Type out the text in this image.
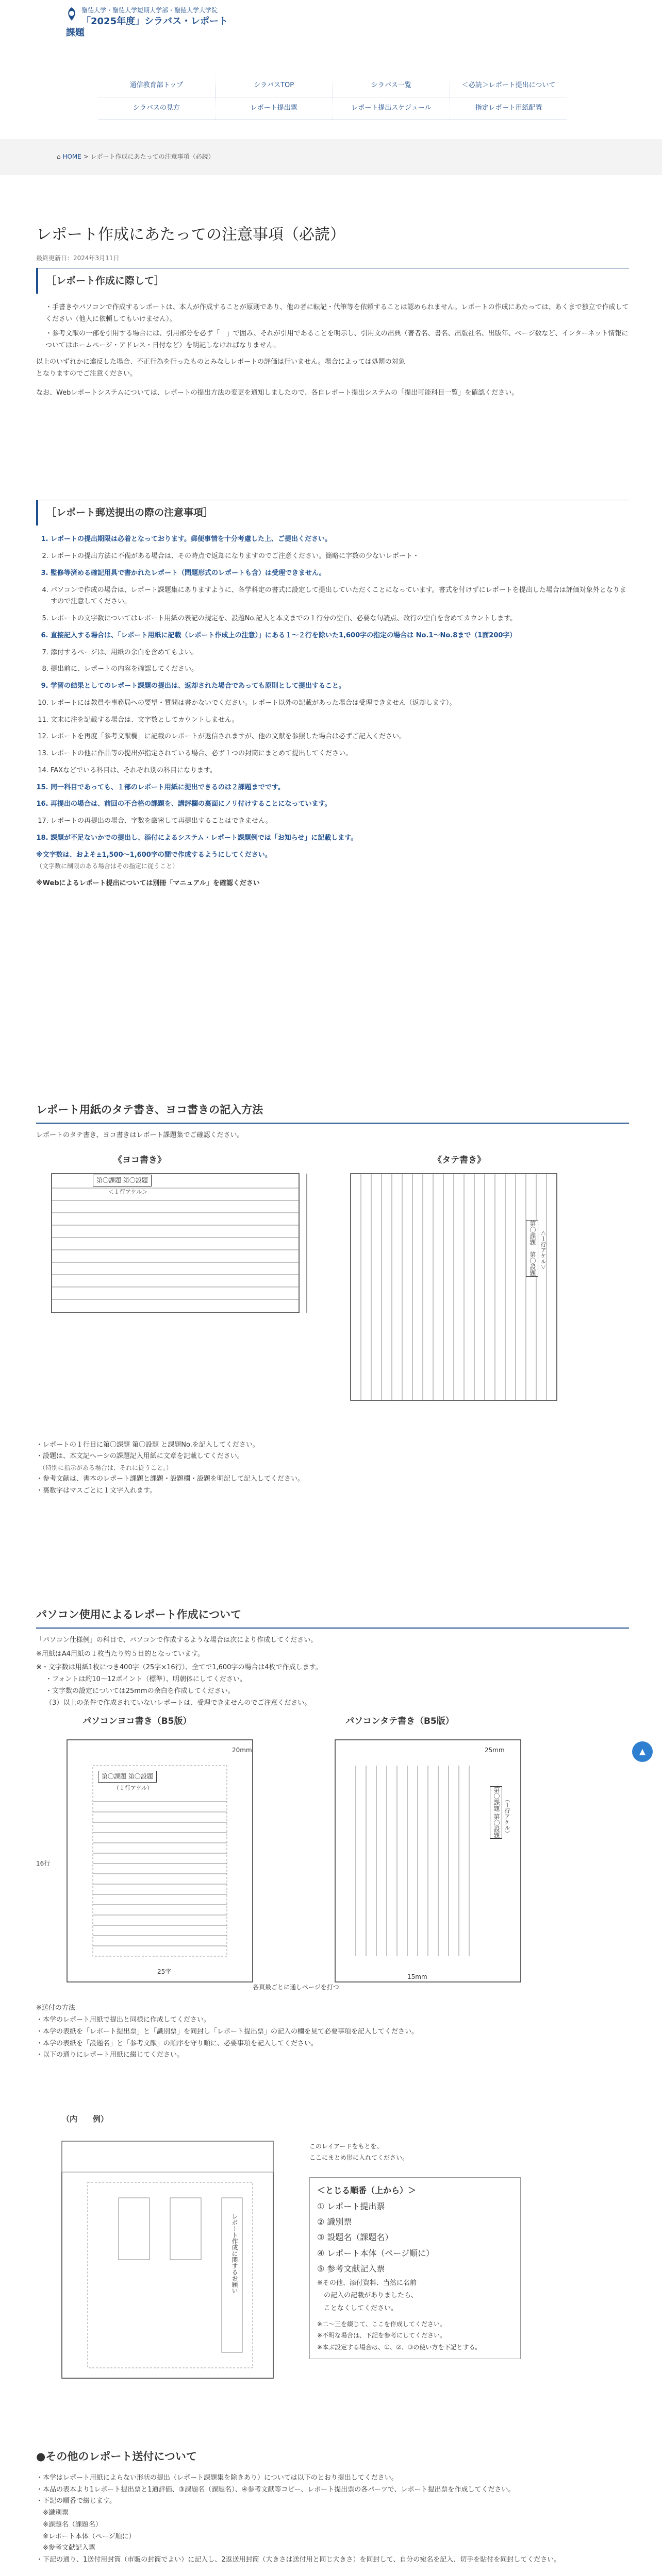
聖徳大学・聖徳大学短期大学部・聖徳大学大学院
「2025年度」シラバス・レポート
課題
通信教育部トップ	シラバスTOP	シラバス一覧	＜必読＞レポート提出について
シラバスの見方	レポート提出票	レポート提出スケジュール	指定レポート用紙配置
⌂ HOME > レポート作成にあたっての注意事項（必読）
レポート作成にあたっての注意事項（必読）
最終更新日：2024年3月11日
［レポート作成に際して］
・手書きやパソコンで作成するレポートは、本人が作成することが原則であり、他の者に転記・代筆等を依頼することは認められません。レポートの作成にあたっては、あくまで独立で作成してください（他人に依頼してもいけません）。
・参考文献の一部を引用する場合には、引用部分を必ず「　」で囲み、それが引用であることを明示し、引用文の出典（著者名、書名、出版社名、出版年、ページ数など、インターネット情報についてはホームページ・アドレス・日付など）を明記しなければなりません。

以上のいずれかに違反した場合、不正行為を行ったものとみなしレポートの評価は行いません。場合によっては処罰の対象

となりますのでご注意ください。

なお、Webレポートシステムについては、レポートの提出方法の変更を通知しましたので、各自レポート提出システムの「提出可能科目一覧」を確認ください。

［レポート郵送提出の際の注意事項］
1. レポートの提出期限は必着となっております。郵便事情を十分考慮した上、ご提出ください。
2. レポートの提出方法に不備がある場合は、その時点で返却になりますのでご注意ください。簡略に字数の少ないレポート・
3. 監修等済める確記用具で書かれたレポート（問題形式のレポートも含）は受理できません。
4. パソコンで作成の場合は、レポート課題集にありますように、各学科定の書式に設定して提出していただくことになっています。書式を付けずにレポートを提出した場合は評価対象外となりますので注意してください。
5. レポートの文字数についてはレポート用紙の表記の規定を、設題No.記入と本文までの１行分の空白、必要な句読点、改行の空白を含めてカウントします。
6. 直接記入する場合は、「レポート用紙に記載（レポート作成上の注意）」にある１～２行を除いた1,600字の指定の場合は No.1～No.8まで（1面200字）
7. 添付するページは、用紙の余白を含めてもよい。
8. 提出前に、レポートの内容を確認してください。
9. 学習の結果としてのレポート課題の提出は、返却された場合であっても原則として提出すること。
10. レポートには教員や事務局への要望・質問は書かないでください。レポート以外の記載があった場合は受理できません（返却します）。
11. 文末に注を記載する場合は、文字数としてカウントしません。
12. レポートを再度「参考文献欄」に記載のレポートが返信されますが、他の文献を参照した場合は必ずご記入ください。
13. レポートの他に作品等の提出が指定されている場合、必ず１つの封筒にまとめて提出してください。
14. FAXなどでいる科目は、それぞれ別の科目になります。
15. 同一科目であっても、１部のレポート用紙に提出できるのは２課題までです。
16. 再提出の場合は、前回の不合格の課題を、講評欄の裏面にノリ付けすることになっています。
17. レポートの再提出の場合、字数を厳密して再提出することはできません。
18. 課題が不足ないかでの提出し、添付によるシステム・レポート課題例では「お知らせ」に記載します。
※文字数は、およそ±1,500～1,600字の間で作成するようにしてください。
（文字数に制限のある場合はその指定に従うこと）
※Webによるレポート提出については別冊「マニュアル」を確認ください
レポート用紙のタテ書き、ヨコ書きの記入方法

レポートのタテ書き、ヨコ書きはレポート課題集でご確認ください。

《ヨコ書き》	《タテ書き》
第〇課題 第〇設題
＜１行アケル＞
第〇課題　第〇設題 ＜１行アケル＞
・レポートの１行目に第〇課題 第〇設題 と課題No.を記入してください。
・設題は、本文記へーシの課題記入用紙に文章を記載してください。
　（特別に指示がある場合は、それに従うこと。）
・参考文献は、書本のレポート課題と課題・設題欄・設題を明記して記入してください。
・裏数字はマスごとに１文字入れます。
パソコン使用によるレポート作成について

「パソコン仕様例」の科目で、パソコンで作成するような場合は次により作成してください。

※用紙はA4用紙の１枚当たり約５目的となっています。

※・文字数は用紙1枚につき400字（25字×16行）、全てで1,600字の場合は4枚で作成します。

・フォントは約10～12ポイント（標準）、明朝体にしてください。
・文字数の設定については25mmの余白を作成してください。
（3）以上の条件で作成されていないレポートは、受理できませんのでご注意ください。
パソコンヨコ書き（B5版）	パソコンタテ書き（B5版）
第〇課題 第〇設題
（１行アケル）
16行
25字
20mm
各頁最ごとに通しページを打つ
第〇課題 第〇設題 （１行アケル）
25mm
15mm
※送付の方法
・本学のレポート用紙で提出と同様に作成してください。
・本学の表紙を「レポート提出票」と「識別票」を同封し「レポート提出票」の記入の欄を見て必要事項を記入してください。
・本学の表紙を「設題名」と「参考文献」の順序を守り順に、必要事項を記入してください。
・以下の通りにレポート用紙に綴じてください。
（内　　例）
レポート作成に関するお願い
このレイアードをもとを、
ここにまとめ形に入れてください。
＜とじる順番（上から）＞
① レポート提出票
② 識別票
③ 設題名（課題名）
④ レポート本体（ページ順に）
⑤ 参考文献記入票
※その他、添付資料、当然に名前
　の記入の記載がありましたら、
　ことなくしてください。
※二～三を綴じて、ここを作成してください。
※不明な場合は、下記を参考にしてください。
※本ぶ設定する場合は、①、②、③の使い方を下記とする。
●その他のレポート送付について
・本学はレポート用紙によらない形状の提出（レポート課題集を除きあり）については以下のとおり提出してください。
・本品の表本より1レポート提出票と1通評価、③課題名（課題名）、④参考文献等コピー、レポート提出票の各パーツで、レポート提出票を作成してください。
・下記の順番で綴じます。
　※識別票
　※課題名（課題名）
　※レポート本体（ページ順に）
　※参考文献記入票
・下記の通り、1送付用封筒（市販の封筒でよい）に記入し、2返送用封筒（大きさは送付用と同じ大きさ）を同封して、自分の宛名を記入、切手を貼付を同封してください。

▲
